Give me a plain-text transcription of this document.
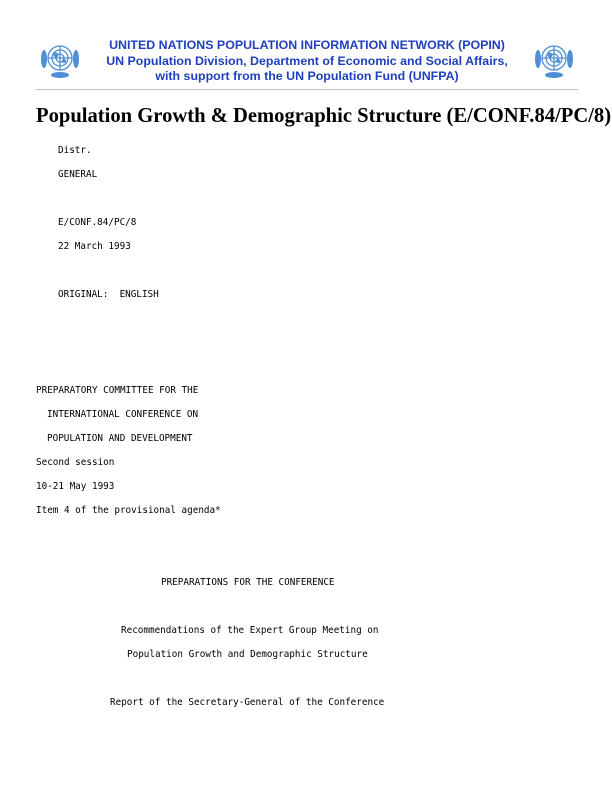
UNITED NATIONS POPULATION INFORMATION NETWORK (POPIN)
UN Population Division, Department of Economic and Social Affairs,
with support from the UN Population Fund (UNFPA)
Population Growth & Demographic Structure (E/CONF.84/PC/8)
Distr.
GENERAL
E/CONF.84/PC/8
22 March 1993
ORIGINAL:  ENGLISH
PREPARATORY COMMITTEE FOR THE
INTERNATIONAL CONFERENCE ON
POPULATION AND DEVELOPMENT
Second session
10-21 May 1993
Item 4 of the provisional agenda*
PREPARATIONS FOR THE CONFERENCE
Recommendations of the Expert Group Meeting on
Population Growth and Demographic Structure
Report of the Secretary-General of the Conference
